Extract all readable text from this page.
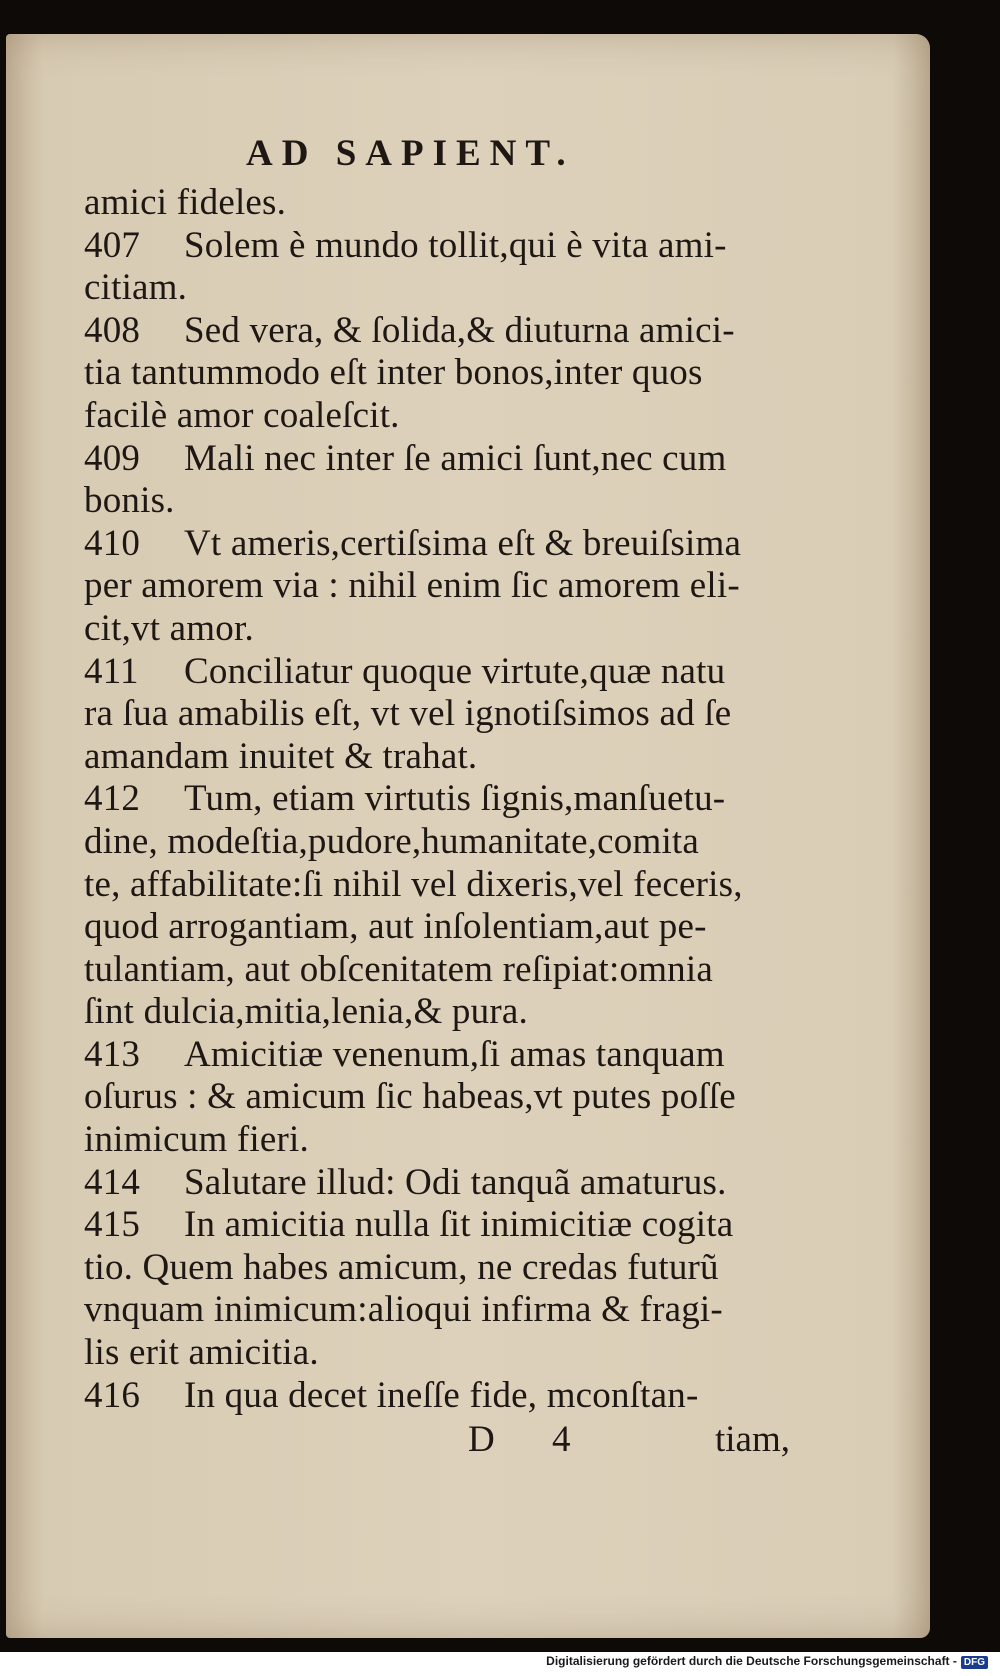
AD SAPIENT.
amici fideles.
407 Solem è mundo tollit,qui è vita ami-
citiam.
408 Sed vera, & ſolida,& diuturna amici-
tia tantummodo eſt inter bonos,inter quos
facilè amor coaleſcit.
409 Mali nec inter ſe amici ſunt,nec cum
bonis.
410 Vt ameris,certiſsima eſt & breuiſsima
per amorem via : nihil enim ſic amorem eli-
cit,vt amor.
411 Conciliatur quoque virtute,quæ natu
ra ſua amabilis eſt, vt vel ignotiſsimos ad ſe
amandam inuitet & trahat.
412 Tum, etiam virtutis ſignis,manſuetu-
dine, modeſtia,pudore,humanitate,comita
te, affabilitate:ſi nihil vel dixeris,vel feceris,
quod arrogantiam, aut inſolentiam,aut pe-
tulantiam, aut obſcenitatem reſipiat:omnia
ſint dulcia,mitia,lenia,& pura.
413 Amicitiæ venenum,ſi amas tanquam
oſurus : & amicum ſic habeas,vt putes poſſe
inimicum fieri.
414 Salutare illud: Odi tanquã amaturus.
415 In amicitia nulla ſit inimicitiæ cogita
tio. Quem habes amicum, ne credas futurũ
vnquam inimicum:alioqui infirma & fragi-
lis erit amicitia.
416 In qua decet ineſſe fide, mconſtan-
D 4	tiam,
Digitalisierung gefördert durch die Deutsche Forschungsgemeinschaft - DFG
